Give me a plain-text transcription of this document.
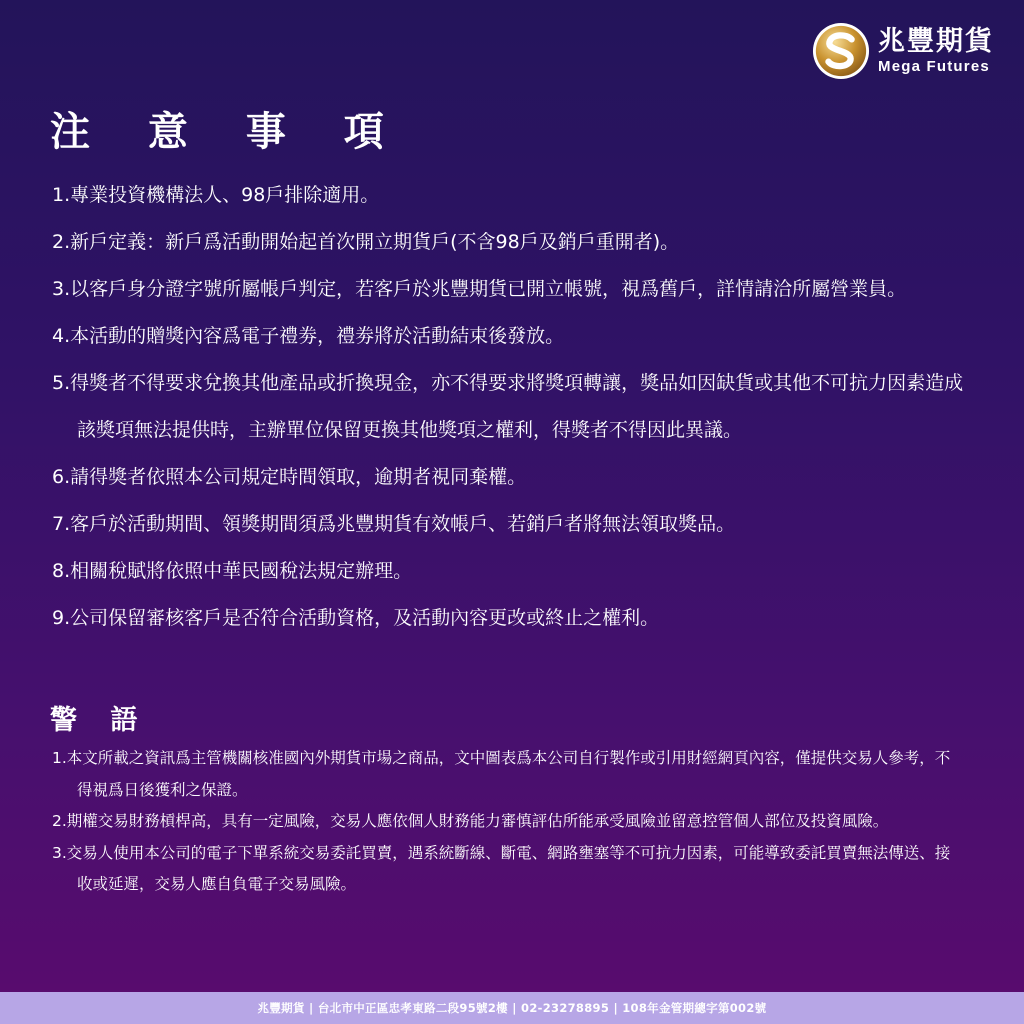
兆豐期貨
Mega Futures
注 意 事 項
1.專業投資機構法人、98戶排除適用。
2.新戶定義：新戶爲活動開始起首次開立期貨戶(不含98戶及銷戶重開者)。
3.以客戶身分證字號所屬帳戶判定，若客戶於兆豐期貨已開立帳號，視爲舊戶，詳情請洽所屬營業員。
4.本活動的贈獎內容爲電子禮劵，禮劵將於活動結束後發放。
5.得獎者不得要求兌換其他產品或折換現金，亦不得要求將獎項轉讓，獎品如因缺貨或其他不可抗力因素造成該獎項無法提供時，主辦單位保留更換其他獎項之權利，得獎者不得因此異議。
6.請得獎者依照本公司規定時間領取，逾期者視同棄權。
7.客戶於活動期間、領獎期間須爲兆豐期貨有效帳戶、若銷戶者將無法領取獎品。
8.相關稅賦將依照中華民國稅法規定辦理。
9.公司保留審核客戶是否符合活動資格，及活動內容更改或終止之權利。
警 語
1.本文所載之資訊爲主管機關核准國內外期貨市場之商品，文中圖表爲本公司自行製作或引用財經網頁內容，僅提供交易人參考，不得視爲日後獲利之保證。
2.期權交易財務槓桿高，具有一定風險，交易人應依個人財務能力審慎評估所能承受風險並留意控管個人部位及投資風險。
3.交易人使用本公司的電子下單系統交易委託買賣，遇系統斷線、斷電、網路壅塞等不可抗力因素，可能導致委託買賣無法傳送、接收或延遲，交易人應自負電子交易風險。
兆豐期貨 | 台北市中正區忠孝東路二段95號2樓 | 02-23278895 | 108年金管期總字第002號
